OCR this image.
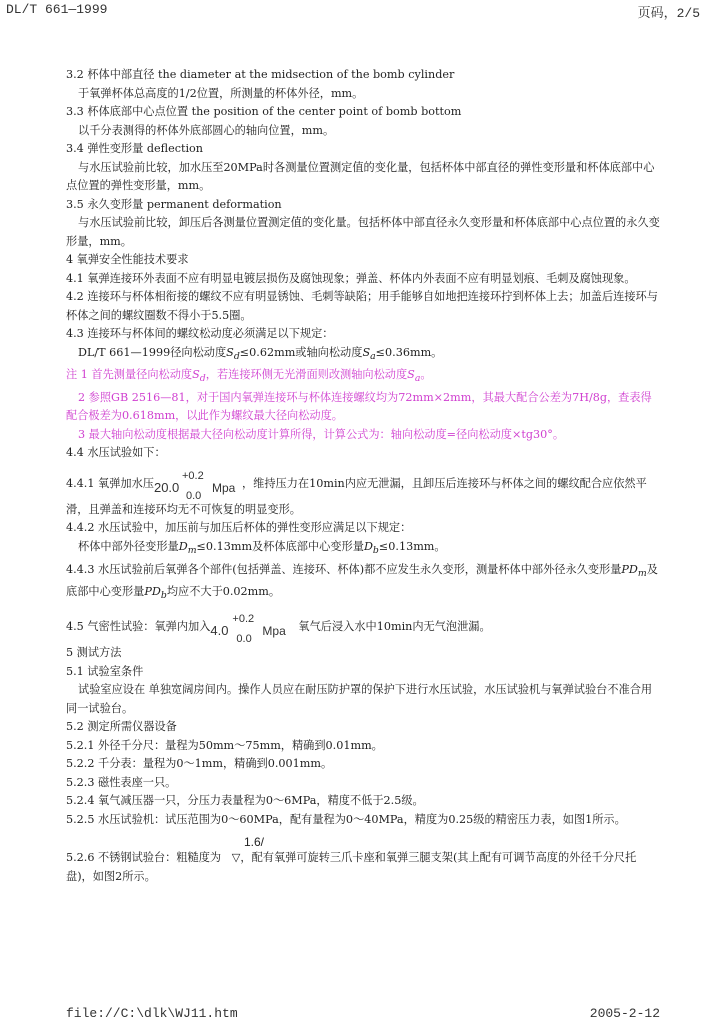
DL/T 661—1999	页码，2/5

3.2 杯体中部直径 the diameter at the midsection of the bomb cylinder

于氧弹杯体总高度的1/2位置，所测量的杯体外径，mm。

3.3 杯体底部中心点位置 the position of the center point of bomb bottom

以千分表测得的杯体外底部圆心的轴向位置，mm。

3.4 弹性变形量 deflection

与水压试验前比较，加水压至20MPa时各测量位置测定值的变化量，包括杯体中部直径的弹性变形量和杯体底部中心点位置的弹性变形量，mm。

3.5 永久变形量 permanent deformation

与水压试验前比较，卸压后各测量位置测定值的变化量。包括杯体中部直径永久变形量和杯体底部中心点位置的永久变形量，mm。

4 氧弹安全性能技术要求

4.1 氧弹连接环外表面不应有明显电镀层损伤及腐蚀现象；弹盖、杯体内外表面不应有明显划痕、毛刺及腐蚀现象。

4.2 连接环与杯体相衔接的螺纹不应有明显锈蚀、毛刺等缺陷；用手能够自如地把连接环拧到杯体上去；加盖后连接环与杯体之间的螺纹圈数不得小于5.5圈。

4.3 连接环与杯体间的螺纹松动度必须满足以下规定：

DL/T 661—1999径向松动度$S_d\le 0.62mm$或轴向松动度$S_a\le 0.36mm$。

注 1 首先测量径向松动度$S_d$，若连接环侧无光滑面则改测轴向松动度$S_a$。

2 参照GB 2516—81，对于国内氧弹连接环与杯体连接螺纹均为72mm×2mm，其最大配合公差为7H/8g，查表得配合极差为0.618mm，以此作为螺纹最大径向松动度。

3 最大轴向松动度根据最大径向松动度计算所得，计算公式为：轴向松动度=径向松动度×tg30°。

4.4 水压试验如下：

4.4.1 氧弹加水压 20.0
+0.2
0.0
Mpa ，维持压力在10min内应无泄漏，且卸压后连接环与杯体之间的螺纹配合应依然平滑，且弹盖和连接环均无不可恢复的明显变形。

4.4.2 水压试验中，加压前与加压后杯体的弹性变形应满足以下规定：

杯体中部外径变形量$D_m\le 0.13mm$及杯体底部中心变形量$D_b\le 0.13mm$。

4.4.3 水压试验前后氧弹各个部件(包括弹盖、连接环、杯体)都不应发生永久变形，测量杯体中部外径永久变形量$PD_m$及底部中心变形量$PD_b$均应不大于0.02mm。

4.5 气密性试验：氧弹内加入 4.0
+0.2
0.0
Mpa 氧气后浸入水中10min内无气泡泄漏。

5 测试方法

5.1 试验室条件

试验室应设在 单独宽阔房间内。操作人员应在耐压防护罩的保护下进行水压试验，水压试验机与氧弹试验台不准合用同一试验台。

5.2 测定所需仪器设备

5.2.1 外径千分尺：量程为50mm～75mm，精确到0.01mm。

5.2.2 千分表：量程为0～1mm，精确到0.001mm。

5.2.3 磁性表座一只。

5.2.4 氧气减压器一只，分压力表量程为0～6MPa，精度不低于2.5级。

5.2.5 水压试验机：试压范围为0～60MPa，配有量程为0～40MPa，精度为0.25级的精密压力表，如图1所示。

1.6/

5.2.6 不锈钢试验台：粗糙度为 ▽，配有氧弹可旋转三爪卡座和氧弹三腿支架(其上配有可调节高度的外径千分尺托盘)，如图2所示。

file://C:\dlk\WJ11.htm	2005-2-12
